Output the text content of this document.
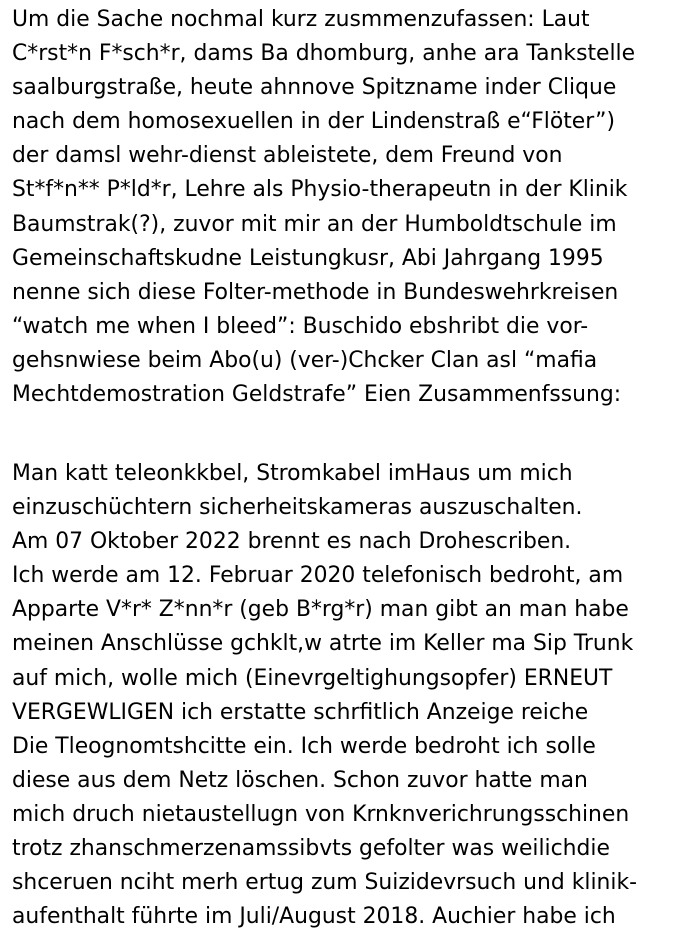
Um die Sache nochmal kurz zusmmenzufassen: Laut
C*rst*n F*sch*r, dams Ba dhomburg, anhe ara Tankstelle
saalburgstraße, heute ahnnove Spitzname inder Clique
nach dem homosexuellen in der Lindenstraß e“Flöter”)
der damsl wehr-dienst ableistete, dem Freund von
St*f*n** P*ld*r, Lehre als Physio-therapeutn in der Klinik
Baumstrak(?), zuvor mit mir an der Humboldtschule im
Gemeinschaftskudne Leistungkusr, Abi Jahrgang 1995
nenne sich diese Folter-methode in Bundeswehrkreisen
“watch me when I bleed”: Buschido ebshribt die vor-
gehsnwiese beim Abo(u) (ver-)Chcker Clan asl “mafia
Mechtdemostration Geldstrafe” Eien Zusammenfssung:
Man katt teleonkkbel, Stromkabel imHaus um mich
einzuschüchtern sicherheitskameras auszuschalten.
Am 07 Oktober 2022 brennt es nach Drohescriben.
Ich werde am 12. Februar 2020 telefonisch bedroht, am
Apparte V*r* Z*nn*r (geb B*rg*r) man gibt an man habe
meinen Anschlüsse gchklt,w atrte im Keller ma Sip Trunk
auf mich, wolle mich (Einevrgeltighungsopfer) ERNEUT
VERGEWLIGEN ich erstatte schrfitlich Anzeige reiche
Die Tleognomtshcitte ein. Ich werde bedroht ich solle
diese aus dem Netz löschen. Schon zuvor hatte man
mich druch nietaustellugn von Krnknverichrungsschinen
trotz zhanschmerzenamssibvts gefolter was weilichdie
shceruen nciht merh ertug zum Suizidevrsuch und klinik-
aufenthalt führte im Juli/August 2018. Auchier habe ich
